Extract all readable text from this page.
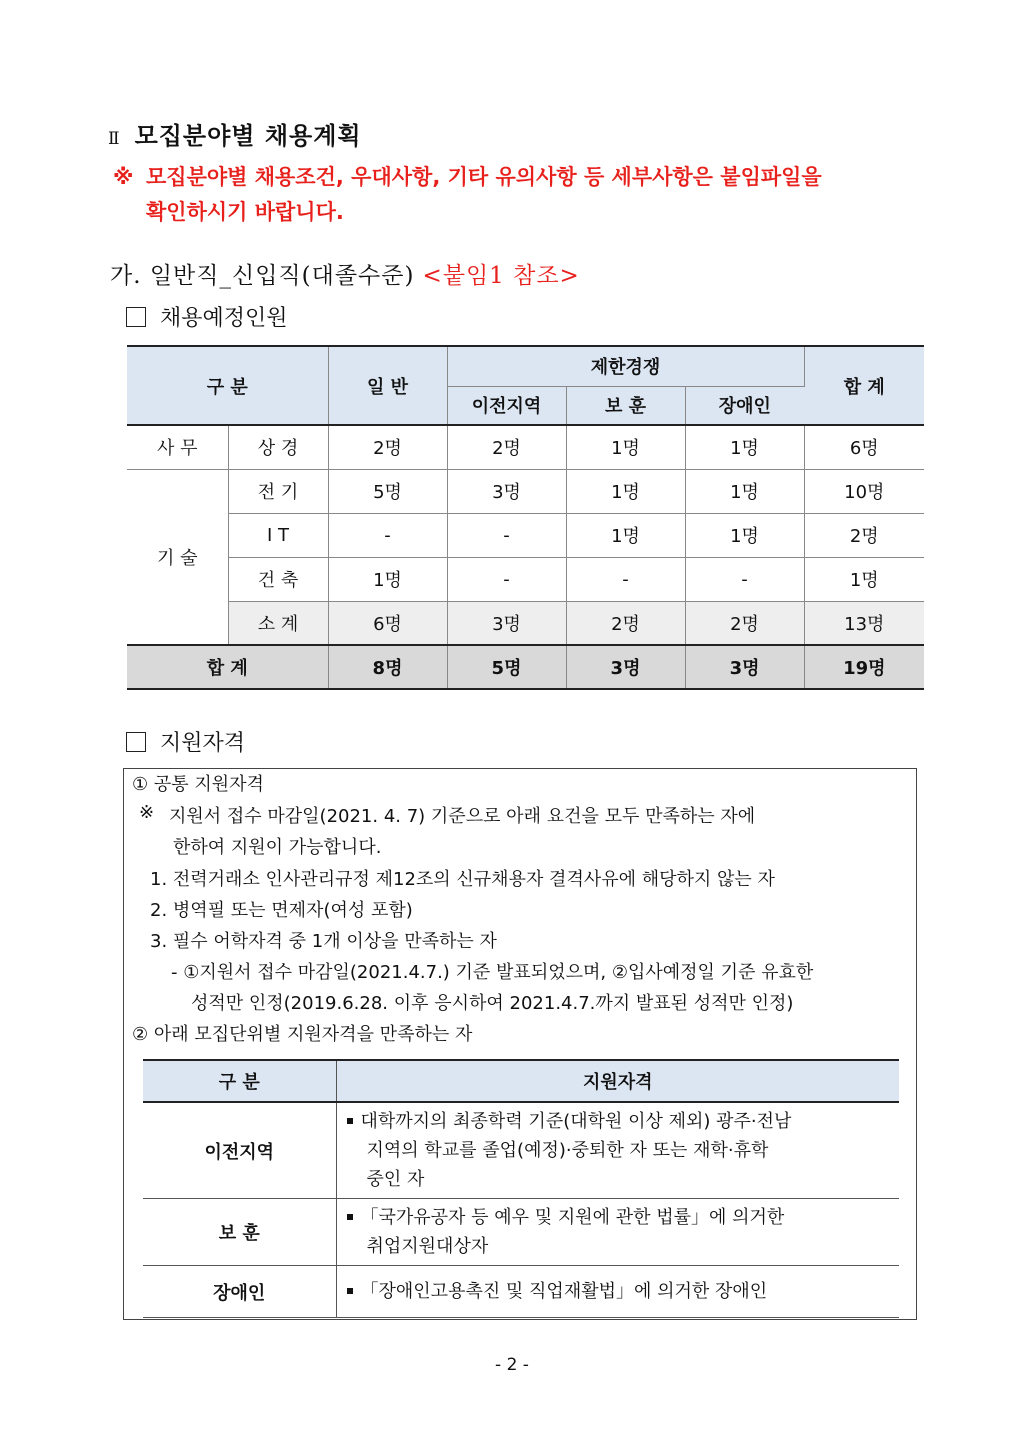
Ⅱ 모집분야별 채용계획
※ 모집분야별 채용조건, 우대사항, 기타 유의사항 등 세부사항은 붙임파일을
확인하시기 바랍니다.
가. 일반직_신입직(대졸수준) <붙임1 참조>
채용예정인원
구 분		일 반	제한경쟁			합 계
			이전지역	보 훈	장애인	
사 무	상 경	2명	2명	1명	1명	6명
기 술	전 기	5명	3명	1명	1명	10명
	I T	-	-	1명	1명	2명
	건 축	1명	-	-	-	1명
	소 계	6명	3명	2명	2명	13명
합 계		8명	5명	3명	3명	19명
지원자격
① 공통 지원자격
※ 지원서 접수 마감일(2021. 4. 7) 기준으로 아래 요건을 모두 만족하는 자에
한하여 지원이 가능합니다.
1. 전력거래소 인사관리규정 제12조의 신규채용자 결격사유에 해당하지 않는 자
2. 병역필 또는 면제자(여성 포함)
3. 필수 어학자격 중 1개 이상을 만족하는 자
- ①지원서 접수 마감일(2021.4.7.) 기준 발표되었으며, ②입사예정일 기준 유효한
성적만 인정(2019.6.28. 이후 응시하여 2021.4.7.까지 발표된 성적만 인정)
② 아래 모집단위별 지원자격을 만족하는 자
구 분	지원자격
이전지역	대학까지의 최종학력 기준(대학원 이상 제외) 광주·전남
지역의 학교를 졸업(예정)·중퇴한 자 또는 재학·휴학
중인 자

보 훈	「국가유공자 등 예우 및 지원에 관한 법률」에 의거한
취업지원대상자

장애인	「장애인고용촉진 및 직업재활법」에 의거한 장애인
- 2 -
